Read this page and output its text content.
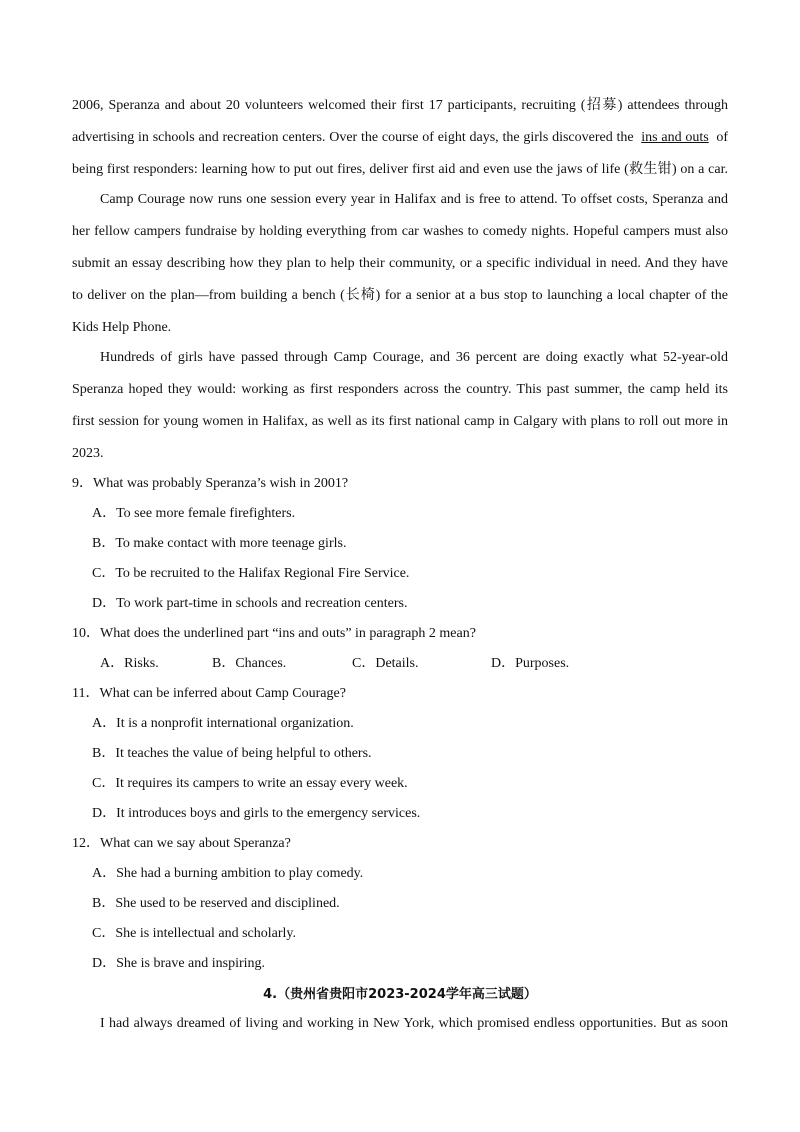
2006, Speranza and about 20 volunteers welcomed their first 17 participants, recruiting (招募) attendees through
advertising in schools and recreation centers. Over the course of eight days, the girls discovered the ins and outs of
being first responders: learning how to put out fires, deliver first aid and even use the jaws of life (救生钳) on a car.
Camp Courage now runs one session every year in Halifax and is free to attend. To offset costs, Speranza and
her fellow campers fundraise by holding everything from car washes to comedy nights. Hopeful campers must also
submit an essay describing how they plan to help their community, or a specific individual in need. And they have
to deliver on the plan—from building a bench (长椅) for a senior at a bus stop to launching a local chapter of the
Kids Help Phone.
Hundreds of girls have passed through Camp Courage, and 36 percent are doing exactly what 52-year-old
Speranza hoped they would: working as first responders across the country. This past summer, the camp held its
first session for young women in Halifax, as well as its first national camp in Calgary with plans to roll out more in
2023.
9．What was probably Speranza’s wish in 2001?
A．To see more female firefighters.
B．To make contact with more teenage girls.
C．To be recruited to the Halifax Regional Fire Service.
D．To work part-time in schools and recreation centers.
10．What does the underlined part “ins and outs” in paragraph 2 mean?
A．Risks.	B．Chances.	C．Details.	D．Purposes.
11．What can be inferred about Camp Courage?
A．It is a nonprofit international organization.
B．It teaches the value of being helpful to others.
C．It requires its campers to write an essay every week.
D．It introduces boys and girls to the emergency services.
12．What can we say about Speranza?
A．She had a burning ambition to play comedy.
B．She used to be reserved and disciplined.
C．She is intellectual and scholarly.
D．She is brave and inspiring.
4.（贵州省贵阳市2023-2024学年高三试题）
I had always dreamed of living and working in New York, which promised endless opportunities. But as soon
